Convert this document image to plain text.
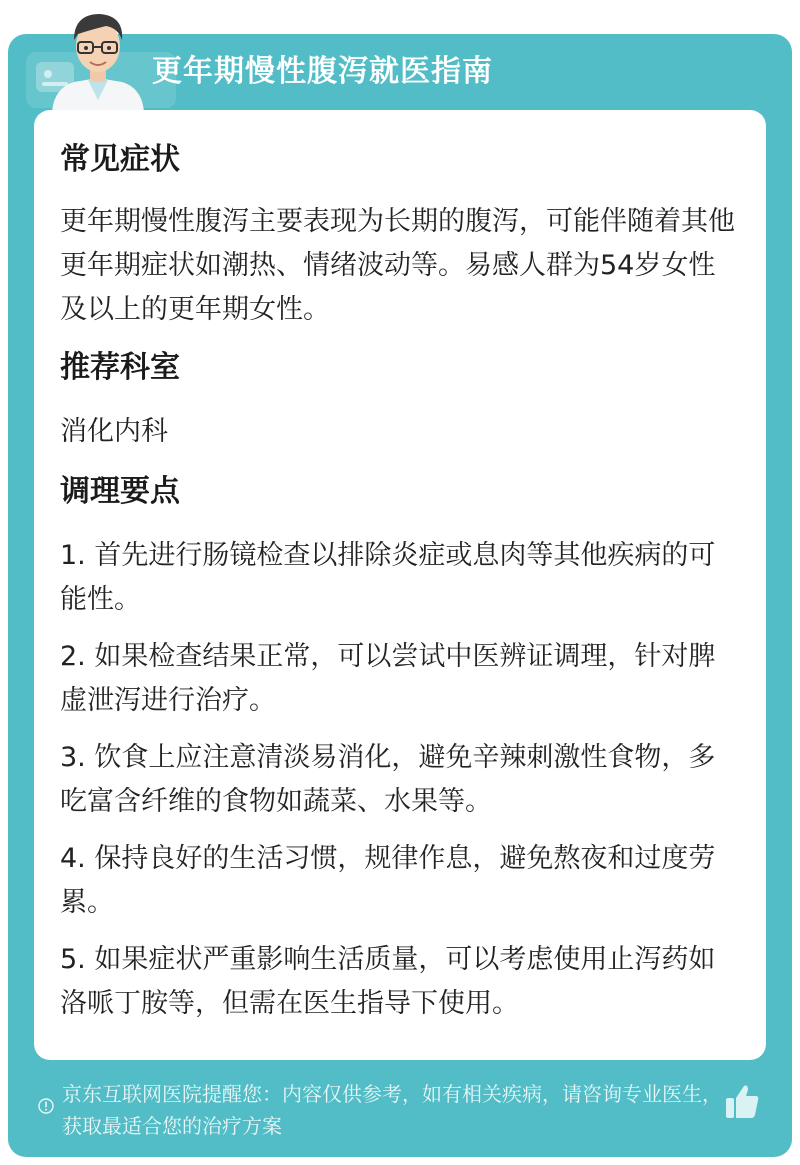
更年期慢性腹泻就医指南
常见症状
更年期慢性腹泻主要表现为长期的腹泻，可能伴随着其他更年期症状如潮热、情绪波动等。易感人群为54岁女性及以上的更年期女性。
推荐科室
消化内科
调理要点
1. 首先进行肠镜检查以排除炎症或息肉等其他疾病的可能性。
2. 如果检查结果正常，可以尝试中医辨证调理，针对脾虚泄泻进行治疗。
3. 饮食上应注意清淡易消化，避免辛辣刺激性食物，多吃富含纤维的食物如蔬菜、水果等。
4. 保持良好的生活习惯，规律作息，避免熬夜和过度劳累。
5. 如果症状严重影响生活质量，可以考虑使用止泻药如洛哌丁胺等，但需在医生指导下使用。
京东互联网医院提醒您：内容仅供参考，如有相关疾病，请咨询专业医生，获取最适合您的治疗方案
